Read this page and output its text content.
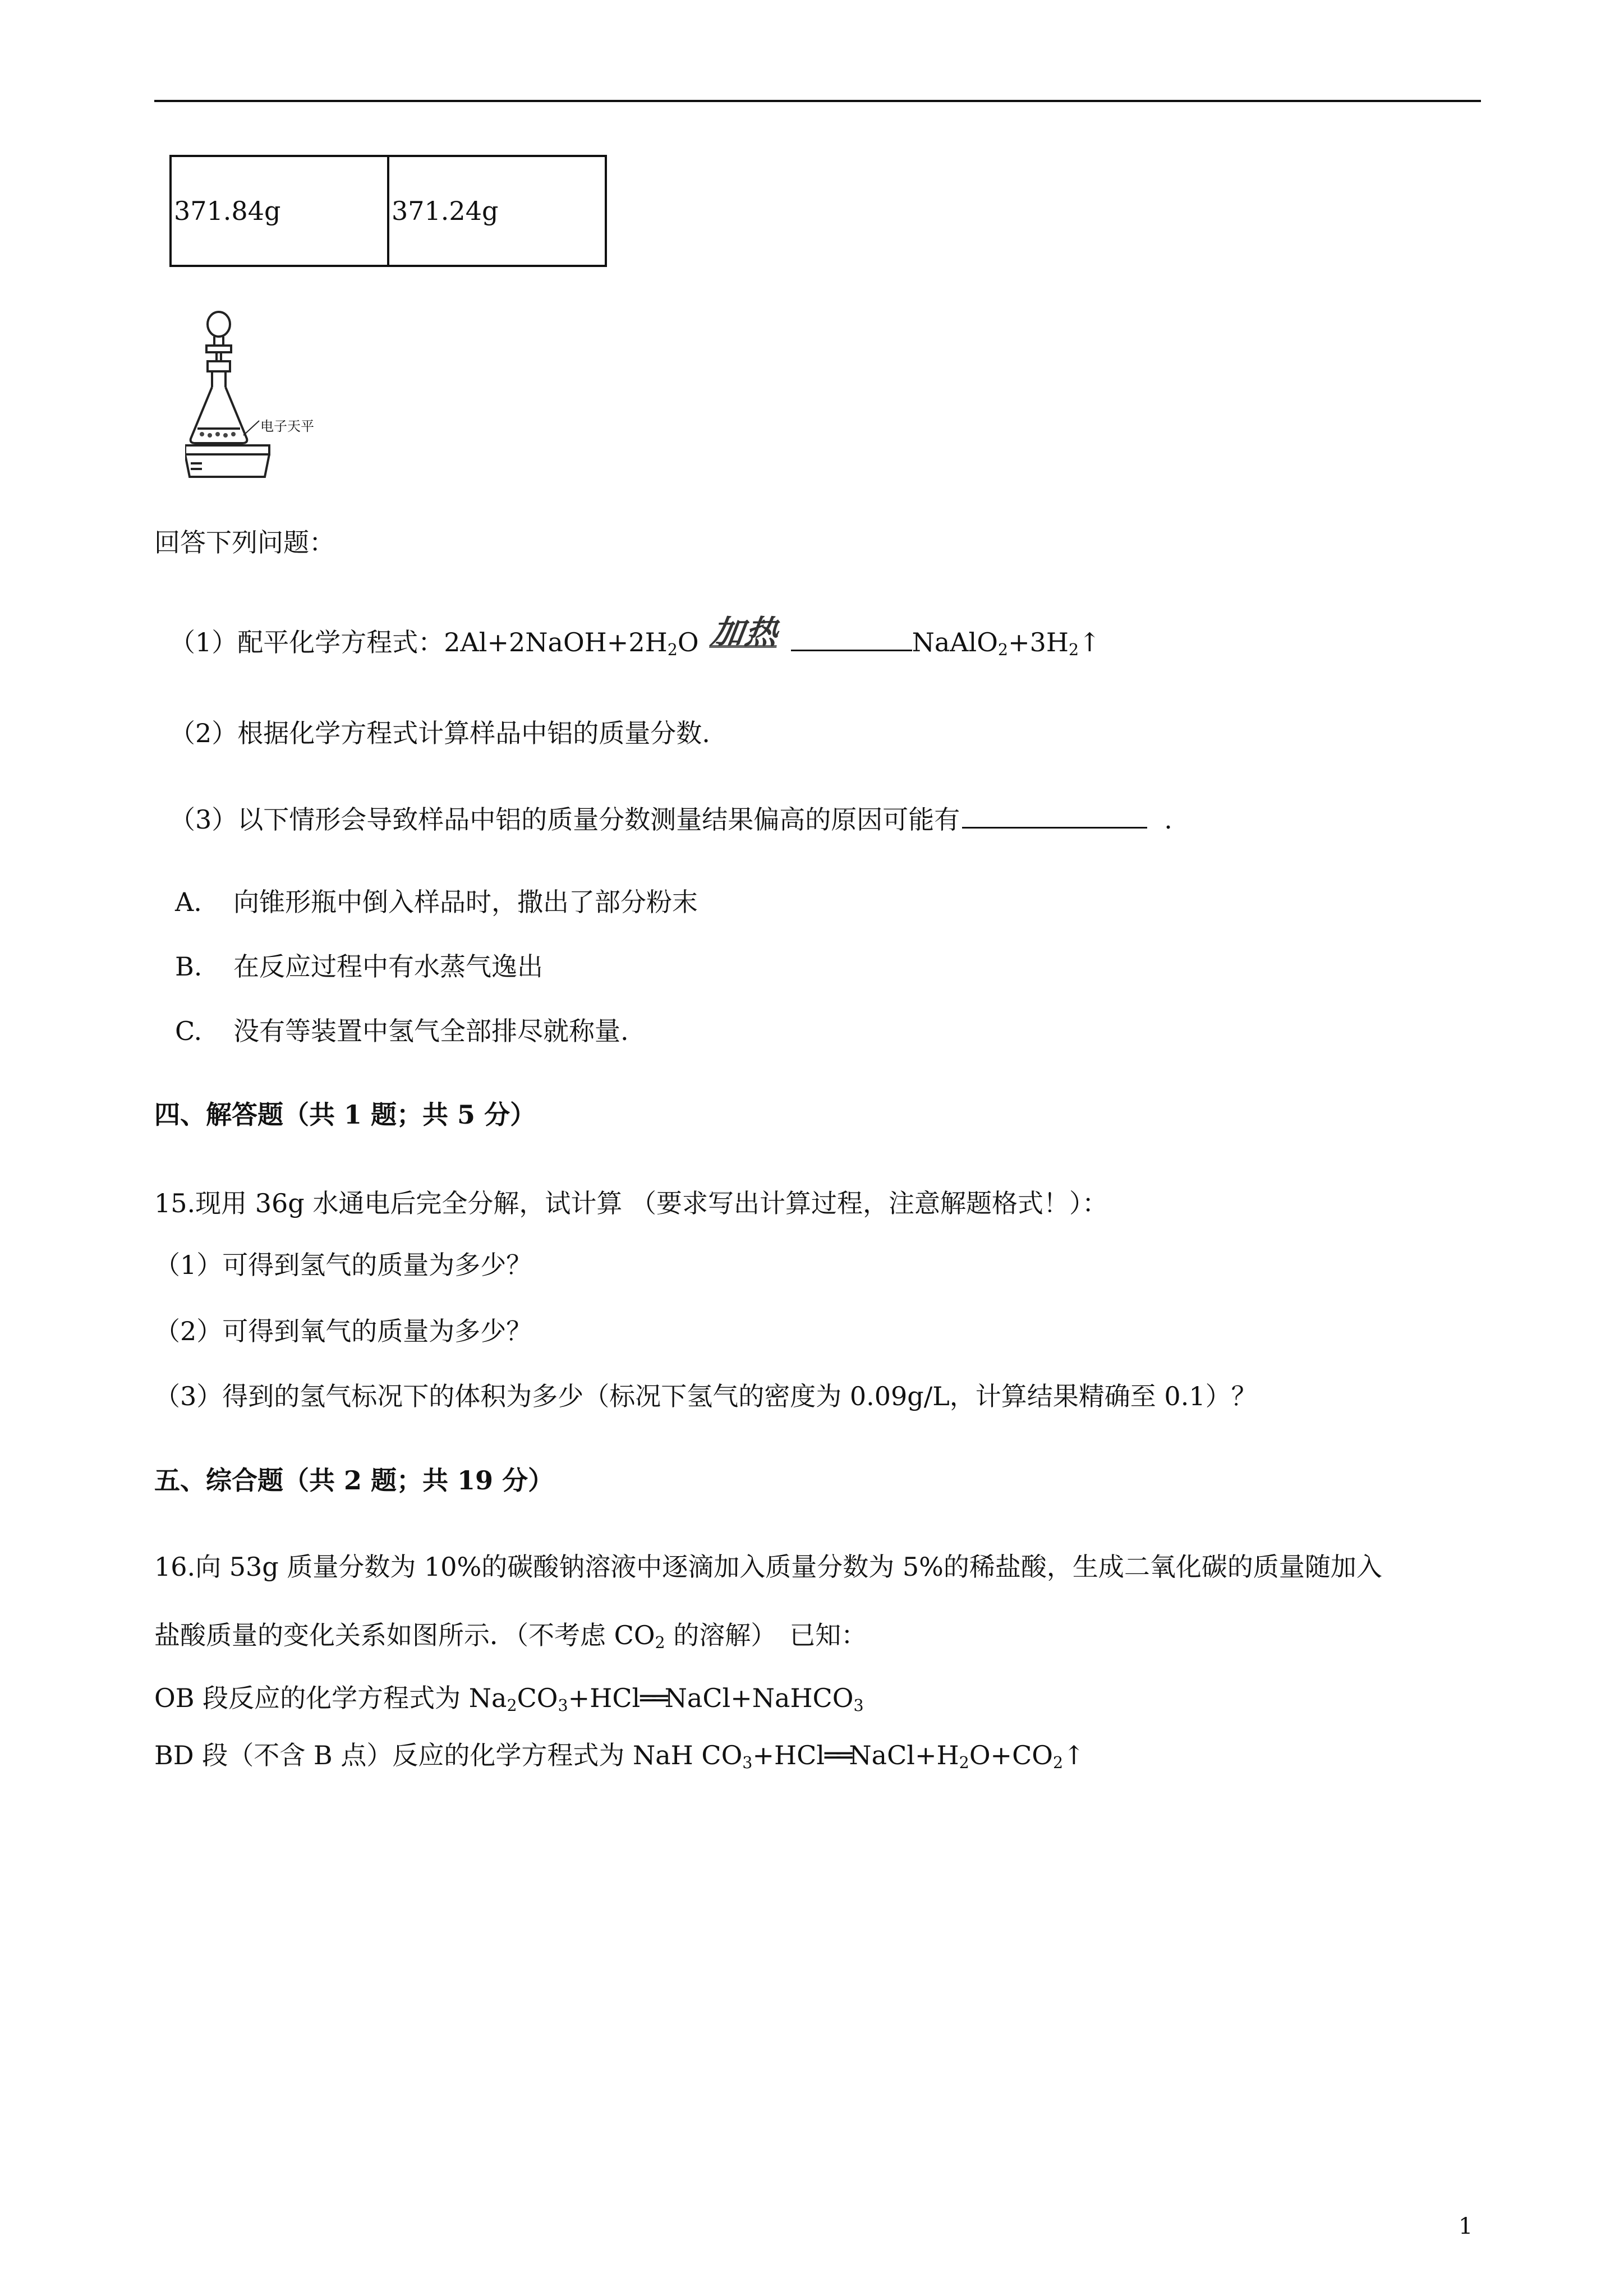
371.84g	371.24g
电子天平
回答下列问题：
（1）配平化学方程式：$2Al+2NaOH+2H_2O$ 加热	$NaAlO_2+3H_2↑$
（2）根据化学方程式计算样品中铝的质量分数.
（3）以下情形会导致样品中铝的质量分数测量结果偏高的原因可能有	.
A. 向锥形瓶中倒入样品时，撒出了部分粉末
B. 在反应过程中有水蒸气逸出
C. 没有等装置中氢气全部排尽就称量.
四、解答题（共 1 题；共 5 分）
15.现用 36g 水通电后完全分解，试计算 （要求写出计算过程，注意解题格式！）：
（1）可得到氢气的质量为多少？
（2）可得到氧气的质量为多少？
（3）得到的氢气标况下的体积为多少（标况下氢气的密度为 0.09g/L，计算结果精确至 0.1）？
五、综合题（共 2 题；共 19 分）
16.向 53g 质量分数为 10%的碳酸钠溶液中逐滴加入质量分数为 5%的稀盐酸，生成二氧化碳的质量随加入
盐酸质量的变化关系如图所示．（不考虑 $CO_2$ 的溶解）　已知：
OB 段反应的化学方程式为 $Na_2CO_3+HCl══NaCl+NaHCO_3$
BD 段（不含 B 点）反应的化学方程式为 NaH $CO_3+HCl══NaCl+H_2O+CO_2↑$
1
